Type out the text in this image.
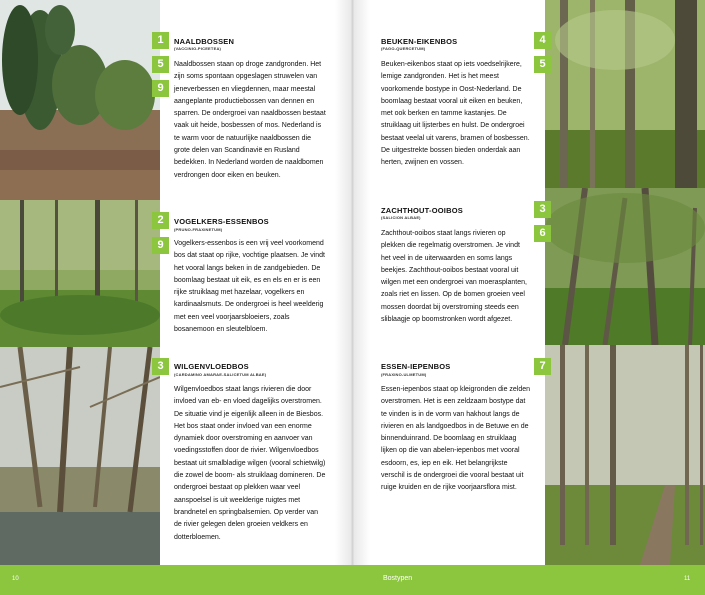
1
5
9
NAALDBOSSEN
(VACCINIO-PICEETEA)
Naaldbossen staan op droge zandgronden. Het zijn soms spontaan opgeslagen struwelen van jeneverbessen en vliegdennen, maar meestal aangeplante productiebossen van dennen en sparren. De ondergroei van naaldbossen bestaat vaak uit heide, bosbessen of mos. Nederland is te warm voor de natuurlijke naaldbossen die grote delen van Scandinavië en Rusland bedekken. In Nederland worden de naaldbomen verdrongen door eiken en beuken.
2
9
VOGELKERS-ESSENBOS
(PRUNO-FRAXINETUM)
Vogelkers-essenbos is een vrij veel voorkomend bos dat staat op rijke, vochtige plaatsen. Je vindt het vooral langs beken in de zandgebieden. De boomlaag bestaat uit eik, es en els en er is een rijke struiklaag met hazelaar, vogelkers en kardinaalsmuts. De ondergroei is heel weelderig met een veel voorjaarsbloeiers, zoals bosanemoon en sleutelbloem.
3	WILGENVLOEDBOS
(CARDAMINO AMARAE-SALICETUM ALBAE)
Wilgenvloedbos staat langs rivieren die door invloed van eb- en vloed dagelijks overstromen. De situatie vind je eigenlijk alleen in de Biesbos. Het bos staat onder invloed van een enorme dynamiek door overstroming en aanvoer van voedingsstoffen door de rivier. Wilgenvloedbos bestaat uit smalbladige wilgen (vooral schietwilg) die zowel de boom- als struiklaag domineren. De ondergroei bestaat op plekken waar veel aanspoelsel is uit weelderige ruigtes met brandnetel en springbalsemien. Op verder van de rivier gelegen delen groeien veldkers en dotterbloemen.
4
5
BEUKEN-EIKENBOS
(FAGO-QUERCETUM)
Beuken-eikenbos staat op iets voedselrijkere, lemige zandgronden. Het is het meest voorkomende bostype in Oost-Nederland. De boomlaag bestaat vooral uit eiken en beuken, met ook berken en tamme kastanjes. De struiklaag uit lijsterbes en hulst. De ondergroei bestaat veelal uit varens, bramen of bosbessen. De uitgestrekte bossen bieden onderdak aan herten, zwijnen en vossen.
3
6
ZACHTHOUT-OOIBOS
(SALICION ALBAE)
Zachthout-ooibos staat langs rivieren op plekken die regelmatig overstromen. Je vindt het veel in de uiterwaarden en soms langs beekjes. Zachthout-ooibos bestaat vooral uit wilgen met een ondergroei van moerasplanten, zoals riet en lissen. Op de bomen groeien veel mossen doordat bij overstroming steeds een sliblaagje op boomstronken wordt afgezet.
7
ESSEN-IEPENBOS
(FRAXINO-ULMETUM)
Essen-iepenbos staat op kleigronden die zelden overstromen. Het is een zeldzaam bostype dat te vinden is in de vorm van hakhout langs de rivieren en als landgoedbos in de Betuwe en de binnenduinrand. De boomlaag en struiklaag lijken op die van abelen-iepenbos met vooral esdoorn, es, iep en eik. Het belangrijkste verschil is de ondergroei die vooral bestaat uit ruige kruiden en de rijke voorjaarsflora mist.
10	Bostypen	11
